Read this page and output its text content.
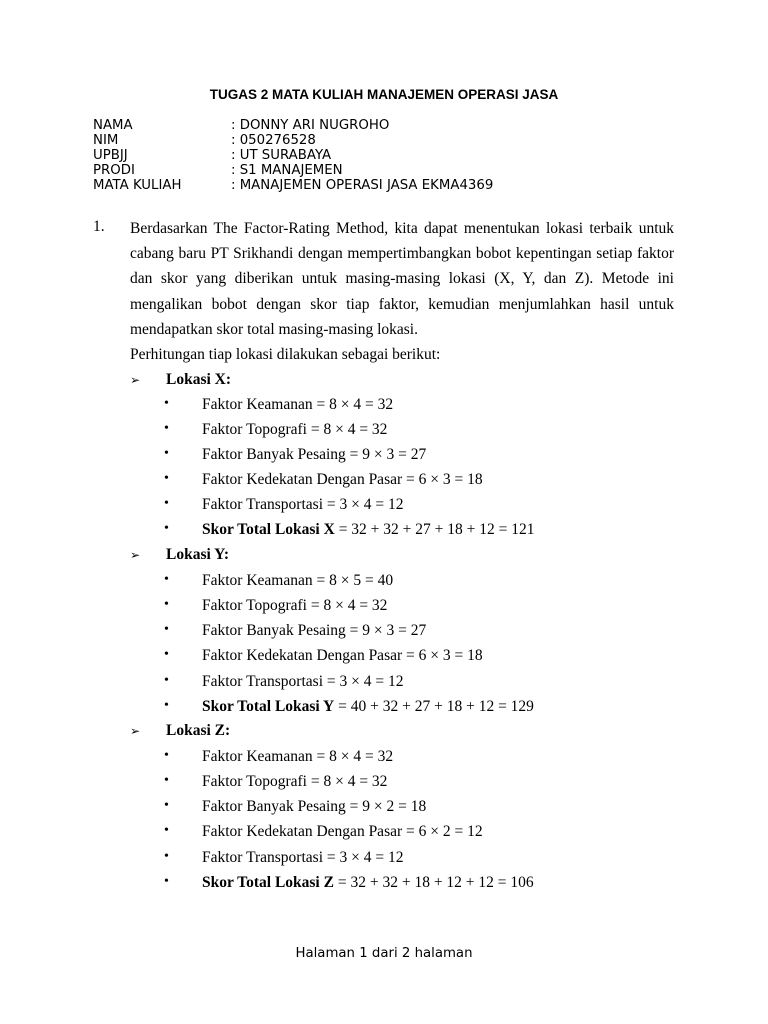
TUGAS 2 MATA KULIAH MANAJEMEN OPERASI JASA
NAMA	: DONNY ARI NUGROHO
NIM	: 050276528
UPBJJ	: UT SURABAYA
PRODI	: S1 MANAJEMEN
MATA KULIAH	: MANAJEMEN OPERASI JASA EKMA4369
1. Berdasarkan The Factor-Rating Method, kita dapat menentukan lokasi terbaik untuk cabang baru PT Srikhandi dengan mempertimbangkan bobot kepentingan setiap faktor dan skor yang diberikan untuk masing-masing lokasi (X, Y, dan Z). Metode ini mengalikan bobot dengan skor tiap faktor, kemudian menjumlahkan hasil untuk mendapatkan skor total masing-masing lokasi.

Perhitungan tiap lokasi dilakukan sebagai berikut:
➢ Lokasi X:
• Faktor Keamanan = 8 × 4 = 32
• Faktor Topografi = 8 × 4 = 32
• Faktor Banyak Pesaing = 9 × 3 = 27
• Faktor Kedekatan Dengan Pasar = 6 × 3 = 18
• Faktor Transportasi = 3 × 4 = 12
• Skor Total Lokasi X = 32 + 32 + 27 + 18 + 12 = 121
➢ Lokasi Y:
• Faktor Keamanan = 8 × 5 = 40
• Faktor Topografi = 8 × 4 = 32
• Faktor Banyak Pesaing = 9 × 3 = 27
• Faktor Kedekatan Dengan Pasar = 6 × 3 = 18
• Faktor Transportasi = 3 × 4 = 12
• Skor Total Lokasi Y = 40 + 32 + 27 + 18 + 12 = 129
➢ Lokasi Z:
• Faktor Keamanan = 8 × 4 = 32
• Faktor Topografi = 8 × 4 = 32
• Faktor Banyak Pesaing = 9 × 2 = 18
• Faktor Kedekatan Dengan Pasar = 6 × 2 = 12
• Faktor Transportasi = 3 × 4 = 12
• Skor Total Lokasi Z = 32 + 32 + 18 + 12 + 12 = 106
Halaman 1 dari 2 halaman
